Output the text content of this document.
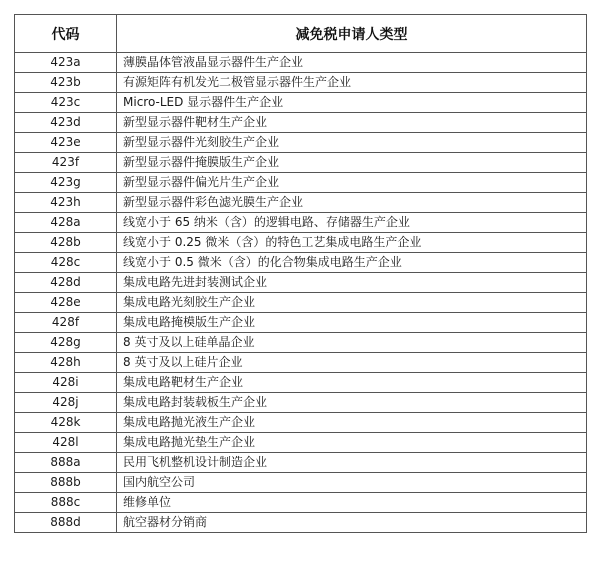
代码	减免税申请人类型
423a	薄膜晶体管液晶显示器件生产企业
423b	有源矩阵有机发光二极管显示器件生产企业
423c	Micro-LED 显示器件生产企业
423d	新型显示器件靶材生产企业
423e	新型显示器件光刻胶生产企业
423f	新型显示器件掩膜版生产企业
423g	新型显示器件偏光片生产企业
423h	新型显示器件彩色滤光膜生产企业
428a	线宽小于 65 纳米（含）的逻辑电路、存储器生产企业
428b	线宽小于 0.25 微米（含）的特色工艺集成电路生产企业
428c	线宽小于 0.5 微米（含）的化合物集成电路生产企业
428d	集成电路先进封装测试企业
428e	集成电路光刻胶生产企业
428f	集成电路掩模版生产企业
428g	8 英寸及以上硅单晶企业
428h	8 英寸及以上硅片企业
428i	集成电路靶材生产企业
428j	集成电路封装载板生产企业
428k	集成电路抛光液生产企业
428l	集成电路抛光垫生产企业
888a	民用飞机整机设计制造企业
888b	国内航空公司
888c	维修单位
888d	航空器材分销商
